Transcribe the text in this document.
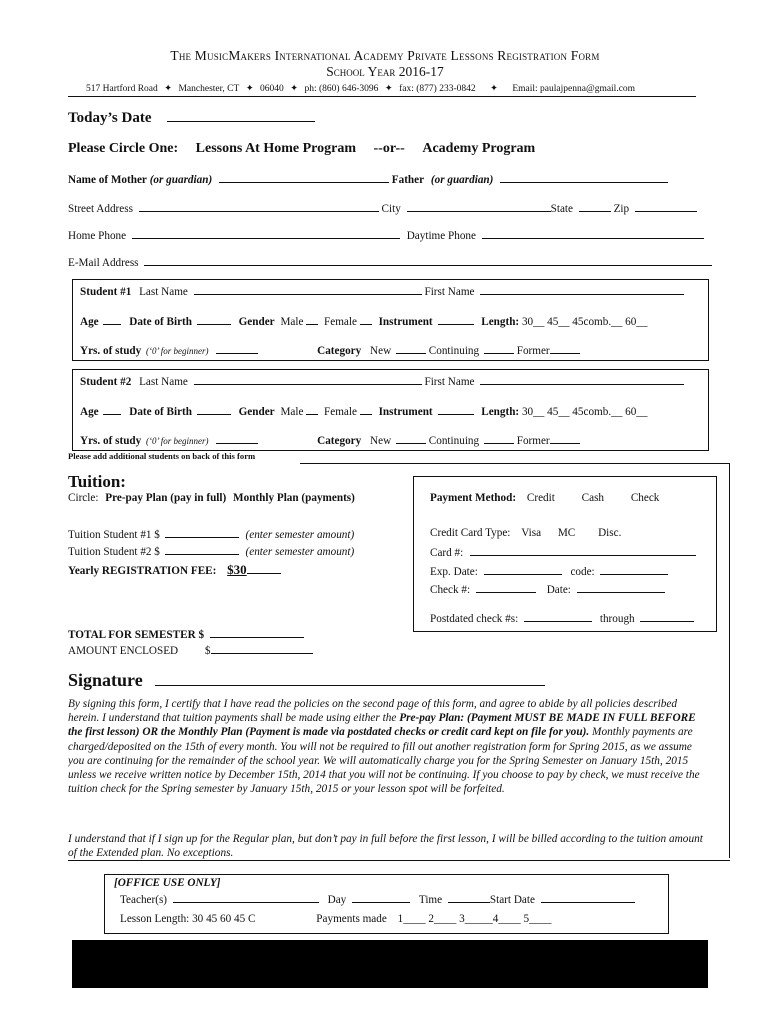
The MusicMakers International Academy Private Lessons Registration Form
School Year 2016-17
517 Hartford Road ✦ Manchester, CT ✦ 06040 ✦ ph: (860) 646-3096 ✦ fax: (877) 233-0842 ✦ Email: paulajpenna@gmail.com
Today’s Date
Please Circle One: Lessons At Home Program --or-- Academy Program
Name of Mother (or guardian)	Father (or guardian)
Street Address	City	State	Zip
Home Phone	Daytime Phone
E-Mail Address
Student #1 Last Name	First Name
Age	Date of Birth	Gender Male Female Instrument	Length: 30__ 45__ 45comb.__ 60__
Yrs. of study (‘0’ for beginner)	Category New	Continuing	Former
Student #2 Last Name	First Name
Age	Date of Birth	Gender Male Female Instrument	Length: 30__ 45__ 45comb.__ 60__
Yrs. of study (‘0’ for beginner)	Category New	Continuing	Former
Please add additional students on back of this form
Tuition:
Circle: Pre-pay Plan (pay in full) Monthly Plan (payments)
Tuition Student #1 $	(enter semester amount)
Tuition Student #2 $	(enter semester amount)
Yearly REGISTRATION FEE: $30
Payment Method: Credit Cash Check
Credit Card Type: Visa MC Disc.
Card #:
Exp. Date:	code:
Check #:	Date:
Postdated check #s:	through
TOTAL FOR SEMESTER $
AMOUNT ENCLOSED $
Signature
By signing this form, I certify that I have read the policies on the second page of this form, and agree to abide by all policies described herein. I understand that tuition payments shall be made using either the Pre-pay Plan: (Payment MUST BE MADE IN FULL BEFORE the first lesson) OR the Monthly Plan (Payment is made via postdated checks or credit card kept on file for you). Monthly payments are charged/deposited on the 15th of every month. You will not be required to fill out another registration form for Spring 2015, as we assume you are continuing for the remainder of the school year. We will automatically charge you for the Spring Semester on January 15th, 2015 unless we receive written notice by December 15th, 2014 that you will not be continuing. If you choose to pay by check, we must receive the tuition check for the Spring semester by January 15th, 2015 or your lesson spot will be forfeited.
I understand that if I sign up for the Regular plan, but don’t pay in full before the first lesson, I will be billed according to the tuition amount of the Extended plan. No exceptions.
[OFFICE USE ONLY]
Teacher(s)	Day	Time	Start Date
Lesson Length: 30 45 60 45 C	Payments made 1____ 2____ 3_____4____ 5____
